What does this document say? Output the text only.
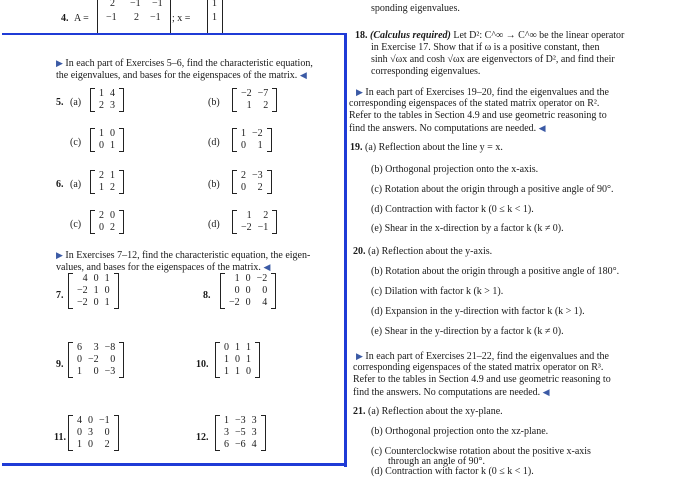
4. A =
2 −1 −1
−1 2 −1 ; x =
1
1
sponding eigenvalues.
▶ In each part of Exercises 5–6, find the characteristic equation,
the eigenvalues, and bases for the eigenspaces of the matrix. ◀
5. (a)
1	4
2	3	(b)
−2	−7
1	2
(c)
1	0
0	1	(d)
1	−2
0	1
6. (a)
2	1
1	2	(b)
2	−3
0	2
(c)
2	0
0	2	(d)
1	2
−2	−1
▶ In Exercises 7–12, find the characteristic equation, the eigen-
values, and bases for the eigenspaces of the matrix. ◀
7.
4	0	1
−2	1	0
−2	0	1
8.
1	0	−2
0	0	0
−2	0	4
9.
6	3	−8
0	−2	0
1	0	−3
10.
0	1	1
1	0	1
1	1	0
11.
4	0	−1
0	3	0
1	0	2
12.
1	−3	3
3	−5	3
6	−6	4
18. (Calculus required) Let D²: C^∞ → C^∞ be the linear operator
in Exercise 17. Show that if ω is a positive constant, then
sinh √ωx and cosh √ωx are eigenvectors of D², and find their
corresponding eigenvalues.
▶ In each part of Exercises 19–20, find the eigenvalues and the
corresponding eigenspaces of the stated matrix operator on R².
Refer to the tables in Section 4.9 and use geometric reasoning to
find the answers. No computations are needed. ◀
19. (a) Reflection about the line y = x.
(b) Orthogonal projection onto the x-axis.
(c) Rotation about the origin through a positive angle of 90°.
(d) Contraction with factor k (0 ≤ k < 1).
(e) Shear in the x-direction by a factor k (k ≠ 0).
20. (a) Reflection about the y-axis.
(b) Rotation about the origin through a positive angle of 180°.
(c) Dilation with factor k (k > 1).
(d) Expansion in the y-direction with factor k (k > 1).
(e) Shear in the y-direction by a factor k (k ≠ 0).
▶ In each part of Exercises 21–22, find the eigenvalues and the
corresponding eigenspaces of the stated matrix operator on R³.
Refer to the tables in Section 4.9 and use geometric reasoning to
find the answers. No computations are needed. ◀
21. (a) Reflection about the xy-plane.
(b) Orthogonal projection onto the xz-plane.
(c) Counterclockwise rotation about the positive x-axis
through an angle of 90°.
(d) Contraction with factor k (0 ≤ k < 1).
